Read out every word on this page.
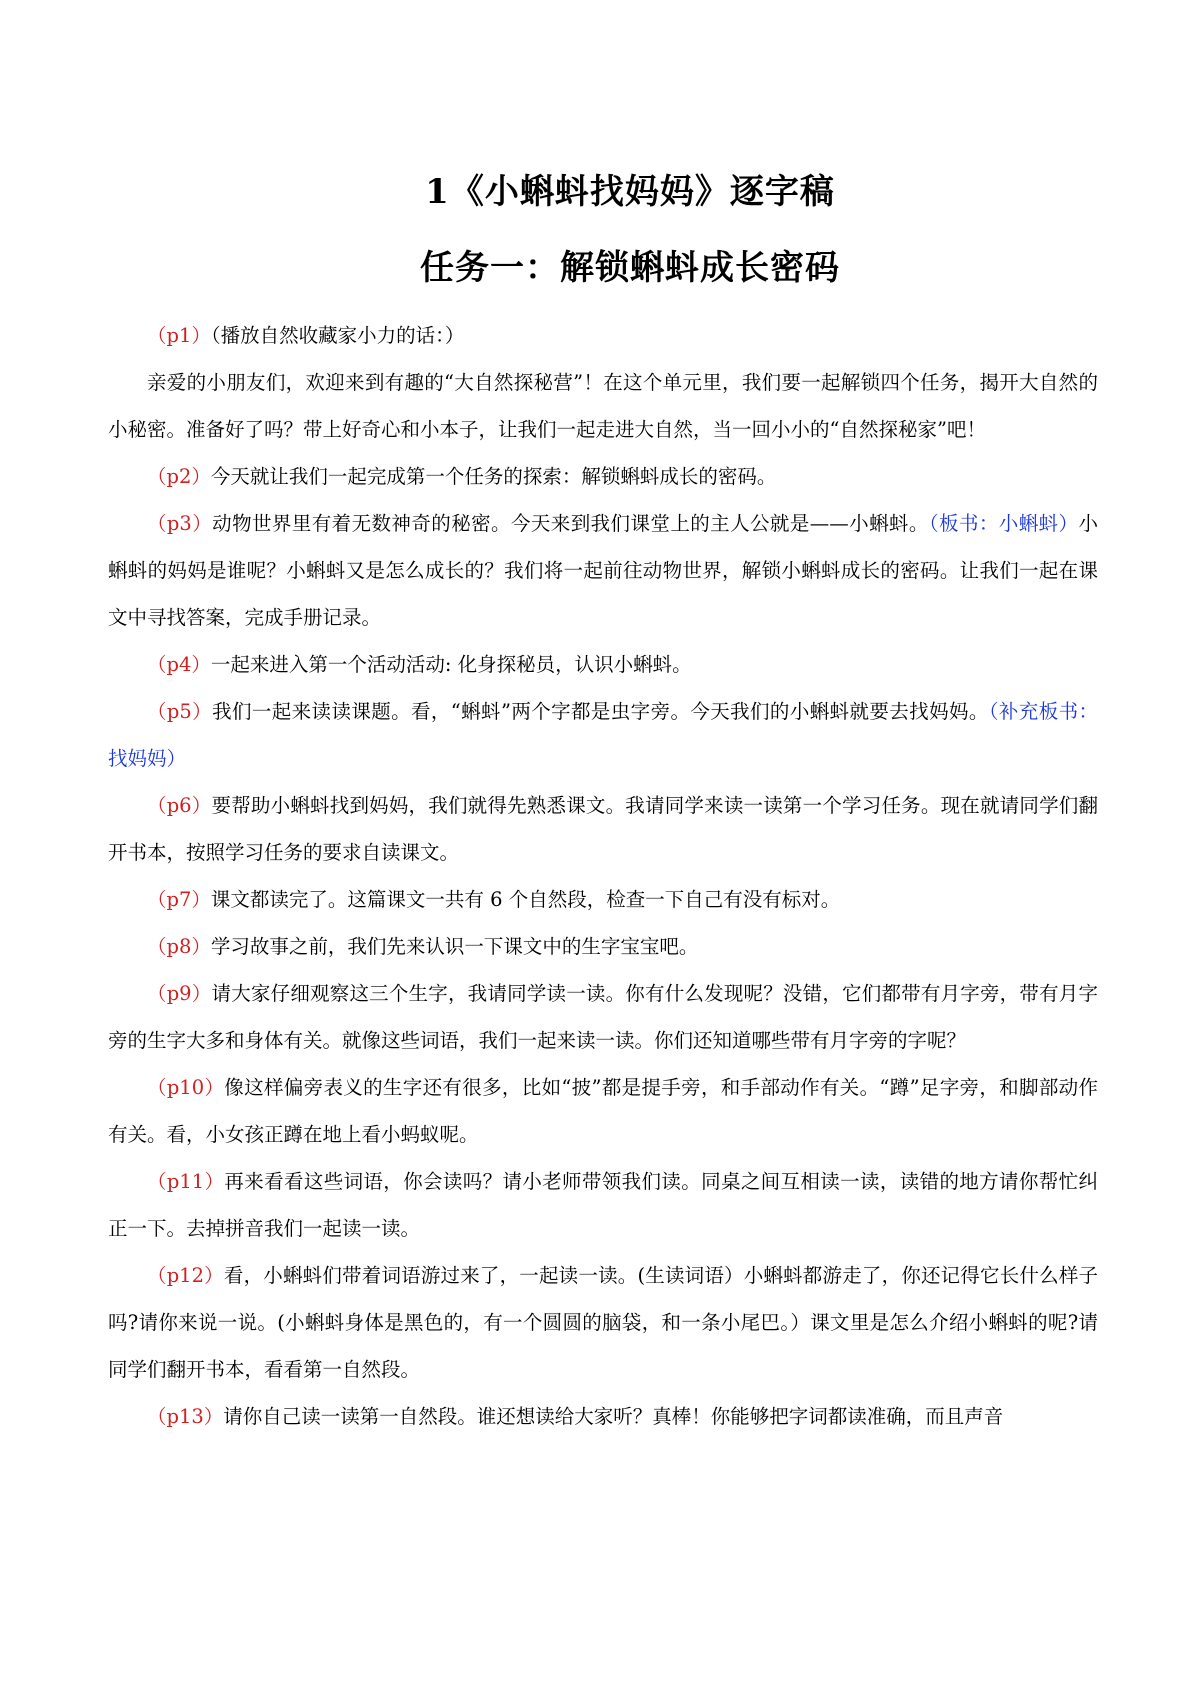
1《小蝌蚪找妈妈》逐字稿
任务一：解锁蝌蚪成长密码

（p1）（播放自然收藏家小力的话：）

亲爱的小朋友们，欢迎来到有趣的“大自然探秘营”！在这个单元里，我们要一起解锁四个任务，揭开大自然的小秘密。准备好了吗？带上好奇心和小本子，让我们一起走进大自然，当一回小小的“自然探秘家”吧！

（p2）今天就让我们一起完成第一个任务的探索：解锁蝌蚪成长的密码。

（p3）动物世界里有着无数神奇的秘密。今天来到我们课堂上的主人公就是——小蝌蚪。（板书：小蝌蚪）小蝌蚪的妈妈是谁呢？小蝌蚪又是怎么成长的？我们将一起前往动物世界，解锁小蝌蚪成长的密码。让我们一起在课文中寻找答案，完成手册记录。

（p4）一起来进入第一个活动活动: 化身探秘员，认识小蝌蚪。

（p5）我们一起来读读课题。看，“蝌蚪”两个字都是虫字旁。今天我们的小蝌蚪就要去找妈妈。（补充板书：找妈妈）

（p6）要帮助小蝌蚪找到妈妈，我们就得先熟悉课文。我请同学来读一读第一个学习任务。现在就请同学们翻开书本，按照学习任务的要求自读课文。

（p7）课文都读完了。这篇课文一共有 6 个自然段，检查一下自己有没有标对。

（p8）学习故事之前，我们先来认识一下课文中的生字宝宝吧。

（p9）请大家仔细观察这三个生字，我请同学读一读。你有什么发现呢？没错，它们都带有月字旁，带有月字旁的生字大多和身体有关。就像这些词语，我们一起来读一读。你们还知道哪些带有月字旁的字呢？

（p10）像这样偏旁表义的生字还有很多，比如“披”都是提手旁，和手部动作有关。“蹲”足字旁，和脚部动作有关。看，小女孩正蹲在地上看小蚂蚁呢。

（p11）再来看看这些词语，你会读吗？请小老师带领我们读。同桌之间互相读一读，读错的地方请你帮忙纠正一下。去掉拼音我们一起读一读。

（p12）看，小蝌蚪们带着词语游过来了，一起读一读。(生读词语）小蝌蚪都游走了，你还记得它长什么样子吗?请你来说一说。(小蝌蚪身体是黑色的，有一个圆圆的脑袋，和一条小尾巴。）课文里是怎么介绍小蝌蚪的呢?请同学们翻开书本，看看第一自然段。

（p13）请你自己读一读第一自然段。谁还想读给大家听？真棒！你能够把字词都读准确，而且声音
